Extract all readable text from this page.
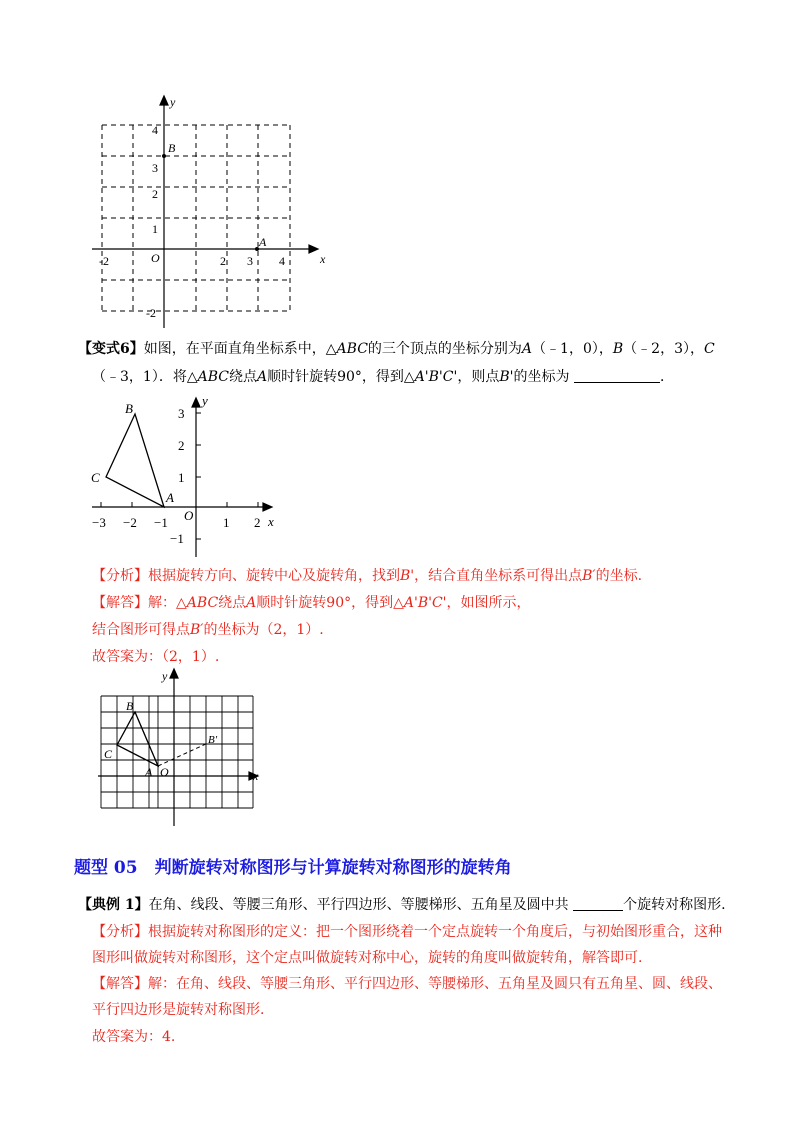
y
x
O
-2	2 3 4
4
3
2
1
-2
B
A
【变式6】如图，在平面直角坐标系中，△ABC的三个顶点的坐标分别为A（﹣1，0），B（﹣2，3），C
（﹣3，1）．将△ABC绕点A顺时针旋转90°，得到△A'B'C'，则点B'的坐标为	．
y
x
O
−3 −2 −1	1 2
3
2
1
−1
B
C
A
【分析】根据旋转方向、旋转中心及旋转角，找到B'，结合直角坐标系可得出点B′的坐标.
【解答】解：△ABC绕点A顺时针旋转90°，得到△A'B'C'，如图所示，
结合图形可得点B′的坐标为（2，1）.
故答案为：（2，1）.
y
x
O
B
C
A
B'
题型 05　判断旋转对称图形与计算旋转对称图形的旋转角
【典例 1】在角、线段、等腰三角形、平行四边形、等腰梯形、五角星及圆中共	个旋转对称图形.
【分析】根据旋转对称图形的定义：把一个图形绕着一个定点旋转一个角度后，与初始图形重合，这种
图形叫做旋转对称图形，这个定点叫做旋转对称中心，旋转的角度叫做旋转角，解答即可.
【解答】解：在角、线段、等腰三角形、平行四边形、等腰梯形、五角星及圆只有五角星、圆、线段、
平行四边形是旋转对称图形.
故答案为：4.
